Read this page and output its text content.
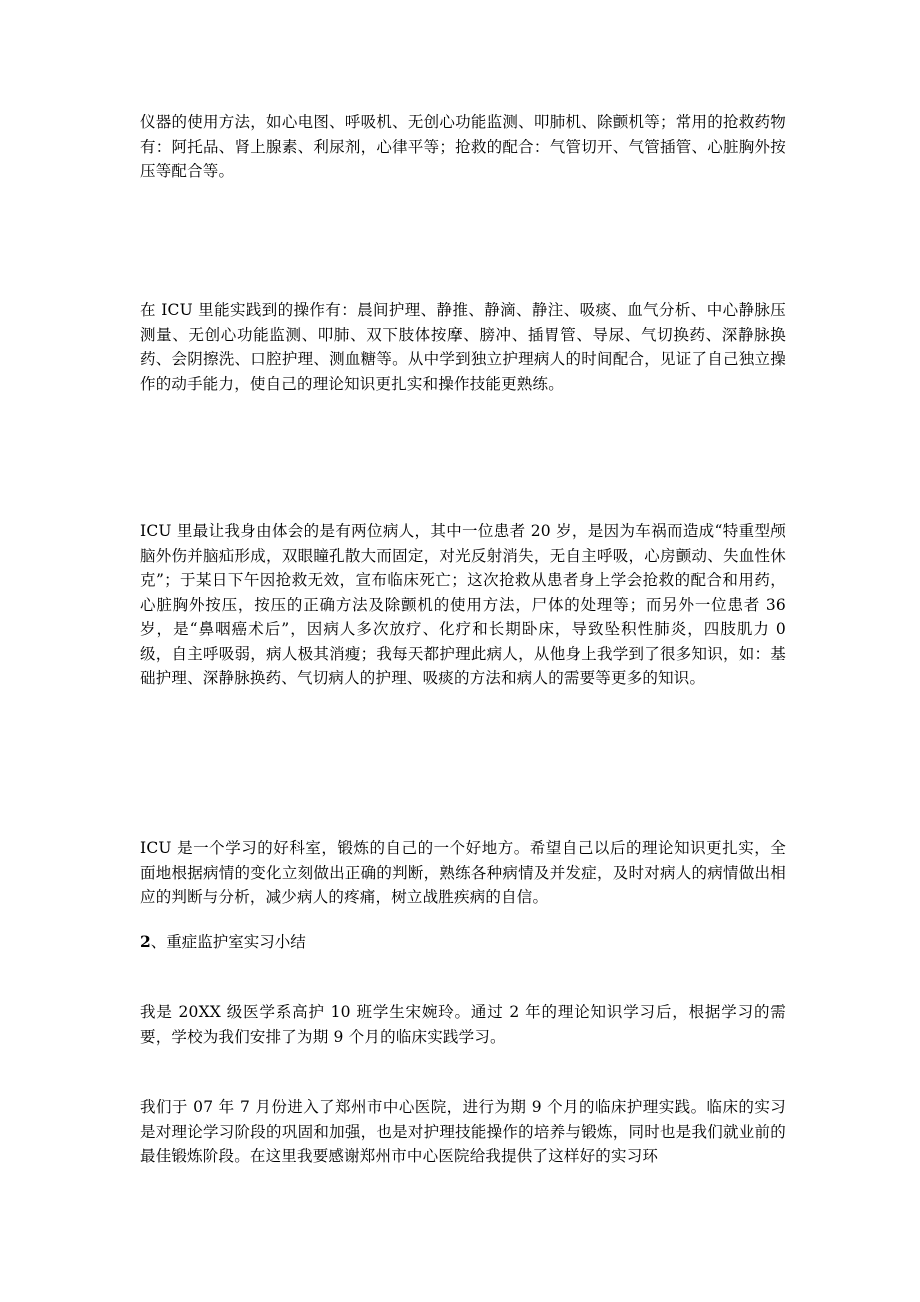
仪器的使用方法，如心电图、呼吸机、无创心功能监测、叩肺机、除颤机等；常用的抢救药物有：阿托品、肾上腺素、利尿剂，心律平等；抢救的配合：气管切开、气管插管、心脏胸外按压等配合等。

在 ICU 里能实践到的操作有：晨间护理、静推、静滴、静注、吸痰、血气分析、中心静脉压测量、无创心功能监测、叩肺、双下肢体按摩、膀冲、插胃管、导尿、气切换药、深静脉换药、会阴擦洗、口腔护理、测血糖等。从中学到独立护理病人的时间配合，见证了自己独立操作的动手能力，使自己的理论知识更扎实和操作技能更熟练。

ICU 里最让我身由体会的是有两位病人，其中一位患者 20 岁，是因为车祸而造成“特重型颅脑外伤并脑疝形成，双眼瞳孔散大而固定，对光反射消失，无自主呼吸，心房颤动、失血性休克”；于某日下午因抢救无效，宣布临床死亡；这次抢救从患者身上学会抢救的配合和用药，心脏胸外按压，按压的正确方法及除颤机的使用方法，尸体的处理等；而另外一位患者 36 岁，是“鼻咽癌术后”，因病人多次放疗、化疗和长期卧床，导致坠积性肺炎，四肢肌力 0 级，自主呼吸弱，病人极其消瘦；我每天都护理此病人，从他身上我学到了很多知识，如：基础护理、深静脉换药、气切病人的护理、吸痰的方法和病人的需要等更多的知识。

ICU 是一个学习的好科室，锻炼的自己的一个好地方。希望自己以后的理论知识更扎实，全面地根据病情的变化立刻做出正确的判断，熟练各种病情及并发症，及时对病人的病情做出相应的判断与分析，减少病人的疼痛，树立战胜疾病的自信。

2、重症监护室实习小结

我是 20XX 级医学系高护 10 班学生宋婉玲。通过 2 年的理论知识学习后，根据学习的需要，学校为我们安排了为期 9 个月的临床实践学习。

我们于 07 年 7 月份进入了郑州市中心医院，进行为期 9 个月的临床护理实践。临床的实习是对理论学习阶段的巩固和加强，也是对护理技能操作的培养与锻炼，同时也是我们就业前的最佳锻炼阶段。在这里我要感谢郑州市中心医院给我提供了这样好的实习环
